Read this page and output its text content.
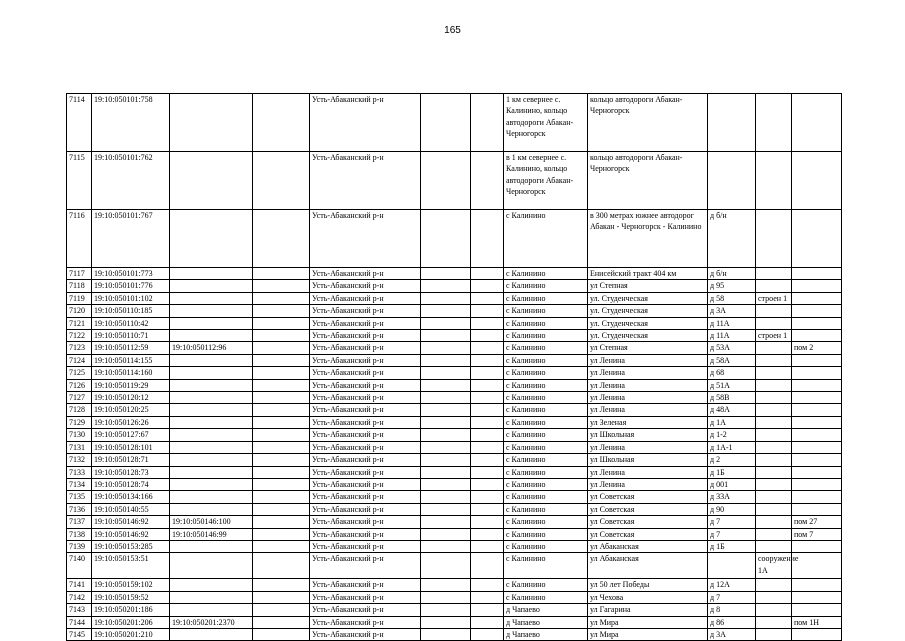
165
7114	19:10:050101:758			Усть-Абаканский р-н			1 км севернее с. Калинино, кольцо автодороги Абакан-Черногорск	кольцо автодороги Абакан-Черногорск			
7115	19:10:050101:762			Усть-Абаканский р-н			в 1 км севернее с. Калинино, кольцо автодороги Абакан-Черногорск	кольцо автодороги Абакан-Черногорск			
7116	19:10:050101:767			Усть-Абаканский р-н			с Калинино	в 300 метрах южнее автодорог Абакан - Черногорск - Калинино	д б/н		
7117	19:10:050101:773			Усть-Абаканский р-н			с Калинино	Енисейский тракт 404 км	д б/н		
7118	19:10:050101:776			Усть-Абаканский р-н			с Калинино	ул Степная	д 95		
7119	19:10:050101:102			Усть-Абаканский р-н			с Калинино	ул. Студенческая	д 58	строен 1	
7120	19:10:050110:185			Усть-Абаканский р-н			с Калинино	ул. Студенческая	д 3А		
7121	19:10:050110:42			Усть-Абаканский р-н			с Калинино	ул. Студенческая	д 11А		
7122	19:10:050110:71			Усть-Абаканский р-н			с Калинино	ул. Студенческая	д 11А	строен 1	
7123	19:10:050112:59	19:10:050112:96		Усть-Абаканский р-н			с Калинино	ул Степная	д 53А		пом 2
7124	19:10:050114:155			Усть-Абаканский р-н			с Калинино	ул Ленина	д 58А		
7125	19:10:050114:160			Усть-Абаканский р-н			с Калинино	ул Ленина	д 68		
7126	19:10:050119:29			Усть-Абаканский р-н			с Калинино	ул Ленина	д 51А		
7127	19:10:050120:12			Усть-Абаканский р-н			с Калинино	ул Ленина	д 58В		
7128	19:10:050120:25			Усть-Абаканский р-н			с Калинино	ул Ленина	д 48А		
7129	19:10:050126:26			Усть-Абаканский р-н			с Калинино	ул Зеленая	д 1А		
7130	19:10:050127:67			Усть-Абаканский р-н			с Калинино	ул Школьная	д 1-2		
7131	19:10:050128:101			Усть-Абаканский р-н			с Калинино	ул Ленина	д 1А-1		
7132	19:10:050128:71			Усть-Абаканский р-н			с Калинино	ул Школьная	д 2		
7133	19:10:050128:73			Усть-Абаканский р-н			с Калинино	ул Ленина	д 1Б		
7134	19:10:050128:74			Усть-Абаканский р-н			с Калинино	ул Ленина	д 001		
7135	19:10:050134:166			Усть-Абаканский р-н			с Калинино	ул Советская	д 33А		
7136	19:10:050140:55			Усть-Абаканский р-н			с Калинино	ул Советская	д 90		
7137	19:10:050146:92	19:10:050146:100		Усть-Абаканский р-н			с Калинино	ул Советская	д 7		пом 27
7138	19:10:050146:92	19:10:050146:99		Усть-Абаканский р-н			с Калинино	ул Советская	д 7		пом 7
7139	19:10:050153:285			Усть-Абаканский р-н			с Калинино	ул Абаканская	д 1Б		
7140	19:10:050153:51			Усть-Абаканский р-н			с Калинино	ул Абаканская		сооружение 1А	
7141	19:10:050159:102			Усть-Абаканский р-н			с Калинино	ул 50 лет Победы	д 12А		
7142	19:10:050159:52			Усть-Абаканский р-н			с Калинино	ул Чехова	д 7		
7143	19:10:050201:186			Усть-Абаканский р-н			д Чапаево	ул Гагарина	д 8		
7144	19:10:050201:206	19:10:050201:2370		Усть-Абаканский р-н			д Чапаево	ул Мира	д 86		пом 1Н
7145	19:10:050201:210			Усть-Абаканский р-н			д Чапаево	ул Мира	д 3А		
